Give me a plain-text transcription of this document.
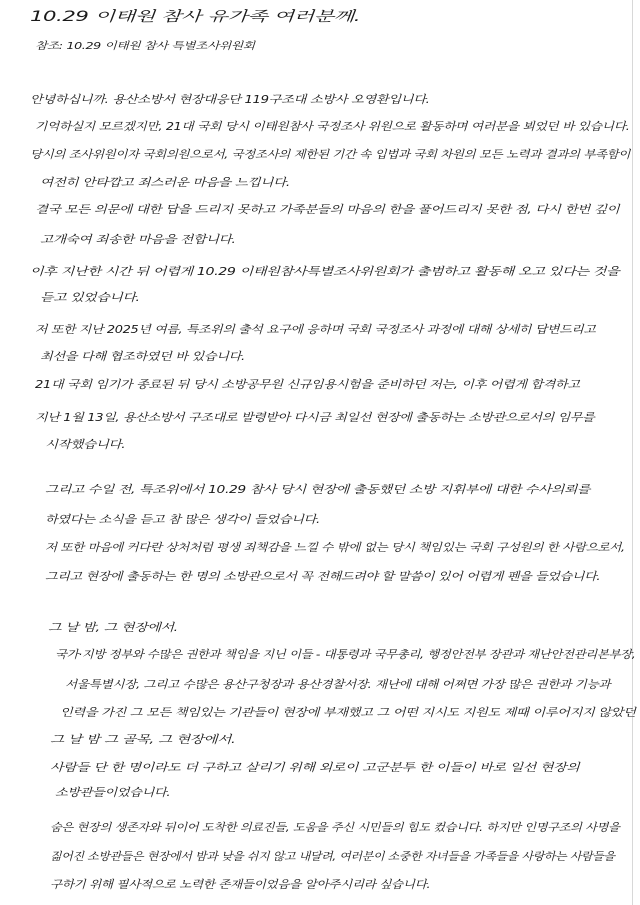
10.29 이태원 참사 유가족 여러분께.
참조: 10.29 이태원 참사 특별조사위원회
안녕하십니까. 용산소방서 현장대응단 119구조대 소방사 오영환입니다.
기억하실지 모르겠지만, 21대 국회 당시 이태원참사 국정조사 위원으로 활동하며 여러분을 뵈었던 바 있습니다.
당시의 조사위원이자 국회의원으로서, 국정조사의 제한된 기간 속 입법과 국회 차원의 모든 노력과 결과의 부족함이
여전히 안타깝고 죄스러운 마음을 느낍니다.
결국 모든 의문에 대한 답을 드리지 못하고 가족분들의 마음의 한을 풀어드리지 못한 점, 다시 한번 깊이
고개숙여 죄송한 마음을 전합니다.
이후 지난한 시간 뒤 어렵게 10.29 이태원참사특별조사위원회가 출범하고 활동해 오고 있다는 것을
듣고 있었습니다.
저 또한 지난 2025년 여름, 특조위의 출석 요구에 응하며 국회 국정조사 과정에 대해 상세히 답변드리고
최선을 다해 협조하였던 바 있습니다.
21대 국회 임기가 종료된 뒤 당시 소방공무원 신규임용시험을 준비하던 저는, 이후 어렵게 합격하고
지난 1월 13일, 용산소방서 구조대로 발령받아 다시금 최일선 현장에 출동하는 소방관으로서의 임무를
시작했습니다.
그리고 수일 전, 특조위에서 10.29 참사 당시 현장에 출동했던 소방 지휘부에 대한 수사의뢰를
하였다는 소식을 듣고 참 많은 생각이 들었습니다.
저 또한 마음에 커다란 상처처럼 평생 죄책감을 느낄 수 밖에 없는 당시 책임있는 국회 구성원의 한 사람으로서,
그리고 현장에 출동하는 한 명의 소방관으로서 꼭 전해드려야 할 말씀이 있어 어렵게 펜을 들었습니다.
그 날 밤, 그 현장에서.
국가·지방 정부와 수많은 권한과 책임을 지닌 이들 - 대통령과 국무총리, 행정안전부 장관과 재난안전관리본부장,
서울특별시장, 그리고 수많은 용산구청장과 용산경찰서장. 재난에 대해 어쩌면 가장 많은 권한과 기능과
인력을 가진 그 모든 책임있는 기관들이 현장에 부재했고 그 어떤 지시도 지원도 제때 이루어지지 않았던
그 날 밤 그 골목, 그 현장에서.
사람들 단 한 명이라도 더 구하고 살리기 위해 외로이 고군분투 한 이들이 바로 일선 현장의
소방관들이었습니다.
숨은 현장의 생존자와 뒤이어 도착한 의료진들, 도움을 주신 시민들의 힘도 컸습니다. 하지만 인명구조의 사명을
짊어진 소방관들은 현장에서 밤과 낮을 쉬지 않고 내달려, 여러분이 소중한 자녀들을 가족들을 사랑하는 사람들을
구하기 위해 필사적으로 노력한 존재들이었음을 알아주시리라 싶습니다.
